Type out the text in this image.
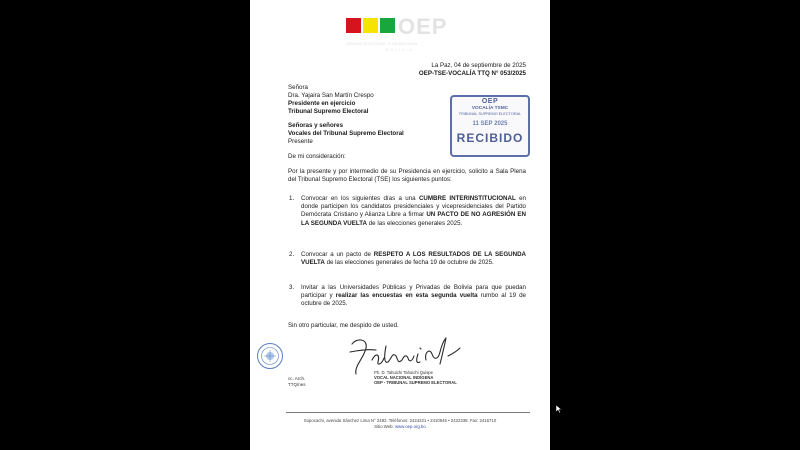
OEP
ÓRGANO ELECTORAL PLURINACIONAL
BOLIVIA
La Paz, 04 de septiembre de 2025
OEP-TSE-VOCALÍA TTQ N° 053/2025
Señora
Dra. Yajaira San Martín Crespo
Presidente en ejercicio
Tribunal Supremo Electoral
Señoras y señores
Vocales del Tribunal Supremo Electoral
Presente
OEP
VOCALÍA TSMC
TRIBUNAL SUPREMO ELECTORAL
11 SEP 2025
RECIBIDO
De mi consideración:
Por la presente y por intermedio de su Presidencia en ejercicio, solicito a Sala Plena del Tribunal Supremo Electoral (TSE) los siguientes puntos:
1. Convocar en los siguientes días a una CUMBRE INTERINSTITUCIONAL en donde participen los candidatos presidenciales y vicepresidenciales del Partido Demócrata Cristiano y Alianza Libre a firmar UN PACTO DE NO AGRESIÓN EN LA SEGUNDA VUELTA de las elecciones generales 2025.
2. Convocar a un pacto de RESPETO A LOS RESULTADOS DE LA SEGUNDA VUELTA de las elecciones generales de fecha 19 de octubre de 2025.
3. Invitar a las Universidades Públicas y Privadas de Bolivia para que puedan participar y realizar las encuestas en esta segunda vuelta rumbo al 19 de octubre de 2025.
Sin otro particular, me despido de usted.
Ph. D. Tahuichi Tahuichi Quispe
VOCAL NACIONAL INDÍGENA
OEP - TRIBUNAL SUPREMO ELECTORAL
cc. Arch.
TTQ/nes
Sopocachi, avenida Sánchez Lima N° 2482. Teléfonos: 2424221 • 2410545 • 2422338. Fax: 2416710
Sitio Web: www.oep.org.bo
